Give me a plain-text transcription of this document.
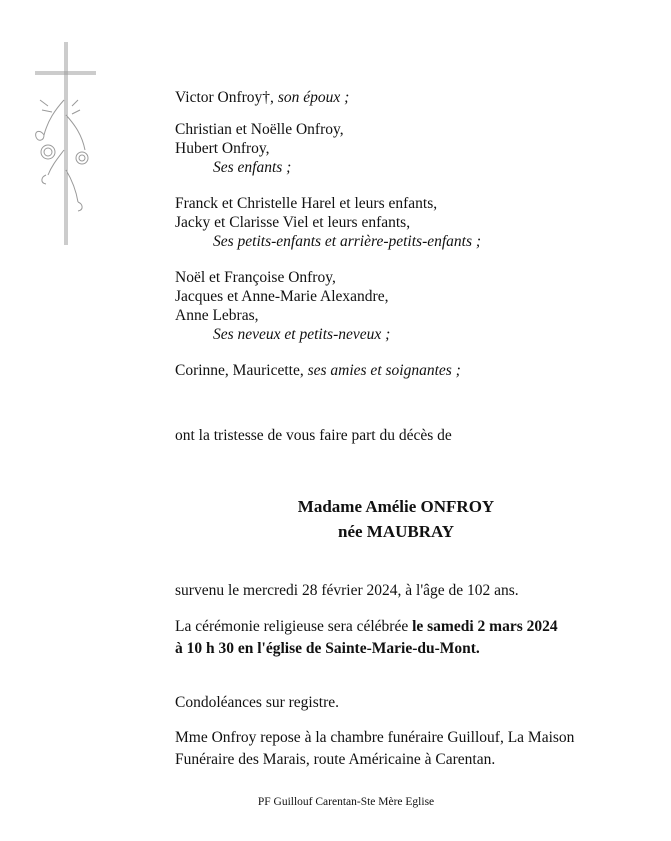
Victor Onfroy†, son époux ;
Christian et Noëlle Onfroy,
Hubert Onfroy,
Ses enfants ;
Franck et Christelle Harel et leurs enfants,
Jacky et Clarisse Viel et leurs enfants,
Ses petits-enfants et arrière-petits-enfants ;
Noël et Françoise Onfroy,
Jacques et Anne-Marie Alexandre,
Anne Lebras,
Ses neveux et petits-neveux ;
Corinne, Mauricette, ses amies et soignantes ;
ont la tristesse de vous faire part du décès de
Madame Amélie ONFROY
née MAUBRAY
survenu le mercredi 28 février 2024, à l'âge de 102 ans.
La cérémonie religieuse sera célébrée le samedi 2 mars 2024
à 10 h 30 en l'église de Sainte-Marie-du-Mont.
Condoléances sur registre.
Mme Onfroy repose à la chambre funéraire Guillouf, La Maison
Funéraire des Marais, route Américaine à Carentan.
PF Guillouf Carentan-Ste Mère Eglise
